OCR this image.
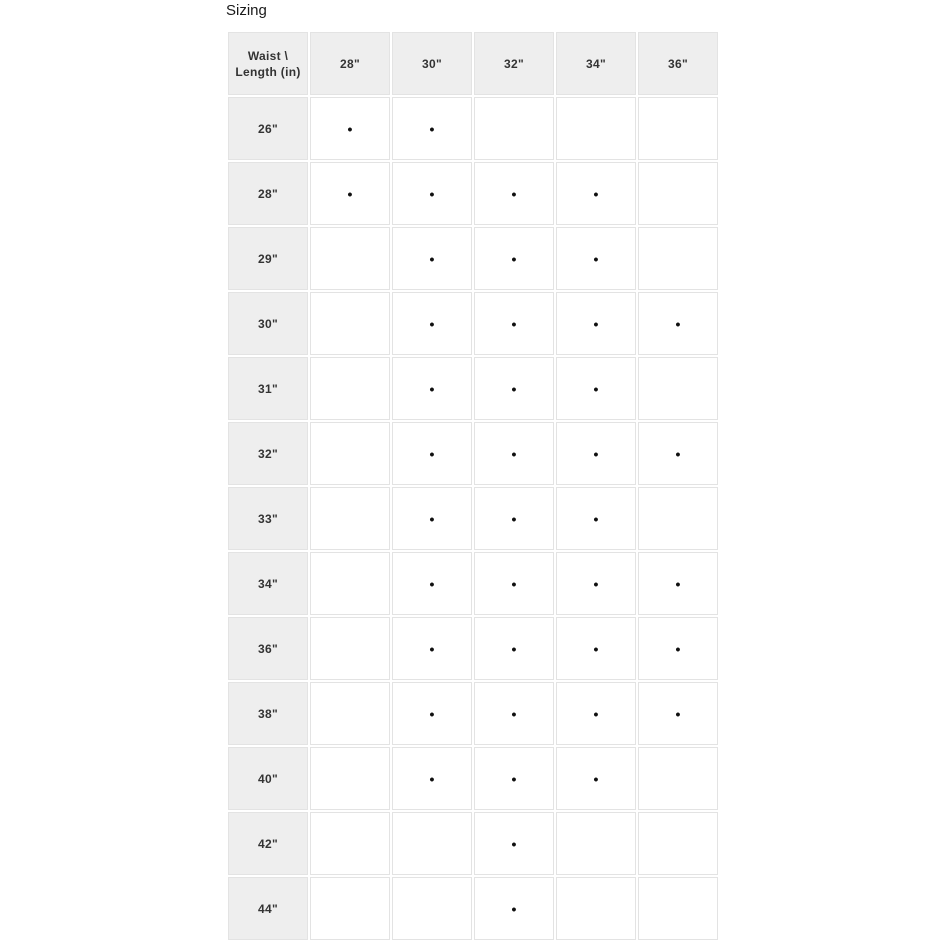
Sizing
Waist \
Length (in)	28"	30"	32"	34"	36"
26"	•	•			
28"	•	•	•	•	
29"		•	•	•	
30"		•	•	•	•
31"		•	•	•	
32"		•	•	•	•
33"		•	•	•	
34"		•	•	•	•
36"		•	•	•	•
38"		•	•	•	•
40"		•	•	•	
42"			•		
44"			•		
